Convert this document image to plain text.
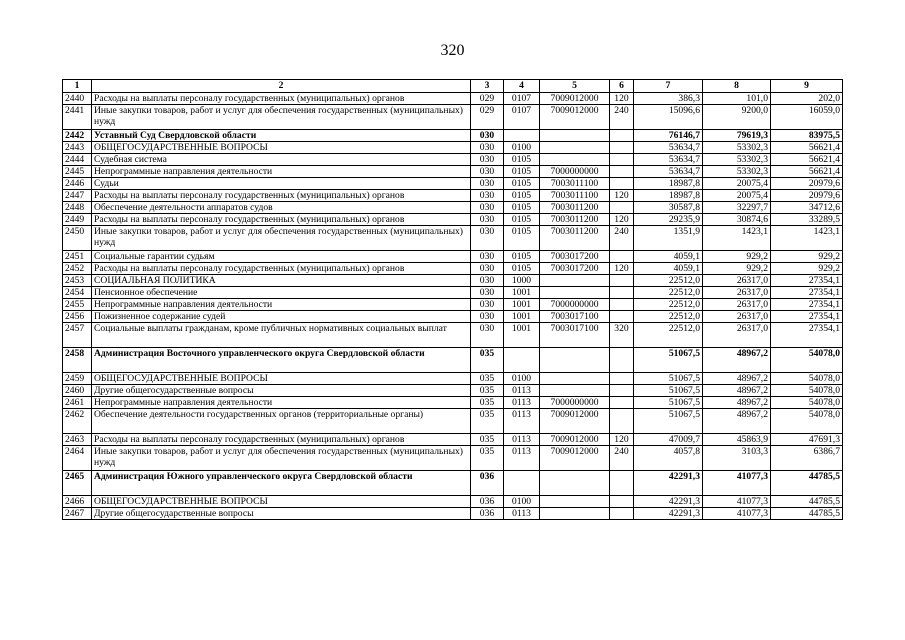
320
1	2	3	4	5	6	7	8	9
2440	Расходы на выплаты персоналу государственных (муниципальных) органов	029	0107	7009012000	120	386,3	101,0	202,0
2441	Иные закупки товаров, работ и услуг для обеспечения государственных (муниципальных) нужд	029	0107	7009012000	240	15096,6	9200,0	16059,0
2442	Уставный Суд Свердловской области	030				76146,7	79619,3	83975,5
2443	ОБЩЕГОСУДАРСТВЕННЫЕ ВОПРОСЫ	030	0100			53634,7	53302,3	56621,4
2444	Судебная система	030	0105			53634,7	53302,3	56621,4
2445	Непрограммные направления деятельности	030	0105	7000000000		53634,7	53302,3	56621,4
2446	Судьи	030	0105	7003011100		18987,8	20075,4	20979,6
2447	Расходы на выплаты персоналу государственных (муниципальных) органов	030	0105	7003011100	120	18987,8	20075,4	20979,6
2448	Обеспечение деятельности аппаратов судов	030	0105	7003011200		30587,8	32297,7	34712,6
2449	Расходы на выплаты персоналу государственных (муниципальных) органов	030	0105	7003011200	120	29235,9	30874,6	33289,5
2450	Иные закупки товаров, работ и услуг для обеспечения государственных (муниципальных) нужд	030	0105	7003011200	240	1351,9	1423,1	1423,1
2451	Социальные гарантии судьям	030	0105	7003017200		4059,1	929,2	929,2
2452	Расходы на выплаты персоналу государственных (муниципальных) органов	030	0105	7003017200	120	4059,1	929,2	929,2
2453	СОЦИАЛЬНАЯ ПОЛИТИКА	030	1000			22512,0	26317,0	27354,1
2454	Пенсионное обеспечение	030	1001			22512,0	26317,0	27354,1
2455	Непрограммные направления деятельности	030	1001	7000000000		22512,0	26317,0	27354,1
2456	Пожизненное содержание судей	030	1001	7003017100		22512,0	26317,0	27354,1
2457	Социальные выплаты гражданам, кроме публичных нормативных социальных выплат	030	1001	7003017100	320	22512,0	26317,0	27354,1
2458	Администрация Восточного управленческого округа Свердловской области	035				51067,5	48967,2	54078,0
2459	ОБЩЕГОСУДАРСТВЕННЫЕ ВОПРОСЫ	035	0100			51067,5	48967,2	54078,0
2460	Другие общегосударственные вопросы	035	0113			51067,5	48967,2	54078,0
2461	Непрограммные направления деятельности	035	0113	7000000000		51067,5	48967,2	54078,0
2462	Обеспечение деятельности государственных органов (территориальные органы)	035	0113	7009012000		51067,5	48967,2	54078,0
2463	Расходы на выплаты персоналу государственных (муниципальных) органов	035	0113	7009012000	120	47009,7	45863,9	47691,3
2464	Иные закупки товаров, работ и услуг для обеспечения государственных (муниципальных) нужд	035	0113	7009012000	240	4057,8	3103,3	6386,7
2465	Администрация Южного управленческого округа Свердловской области	036				42291,3	41077,3	44785,5
2466	ОБЩЕГОСУДАРСТВЕННЫЕ ВОПРОСЫ	036	0100			42291,3	41077,3	44785,5
2467	Другие общегосударственные вопросы	036	0113			42291,3	41077,3	44785,5
